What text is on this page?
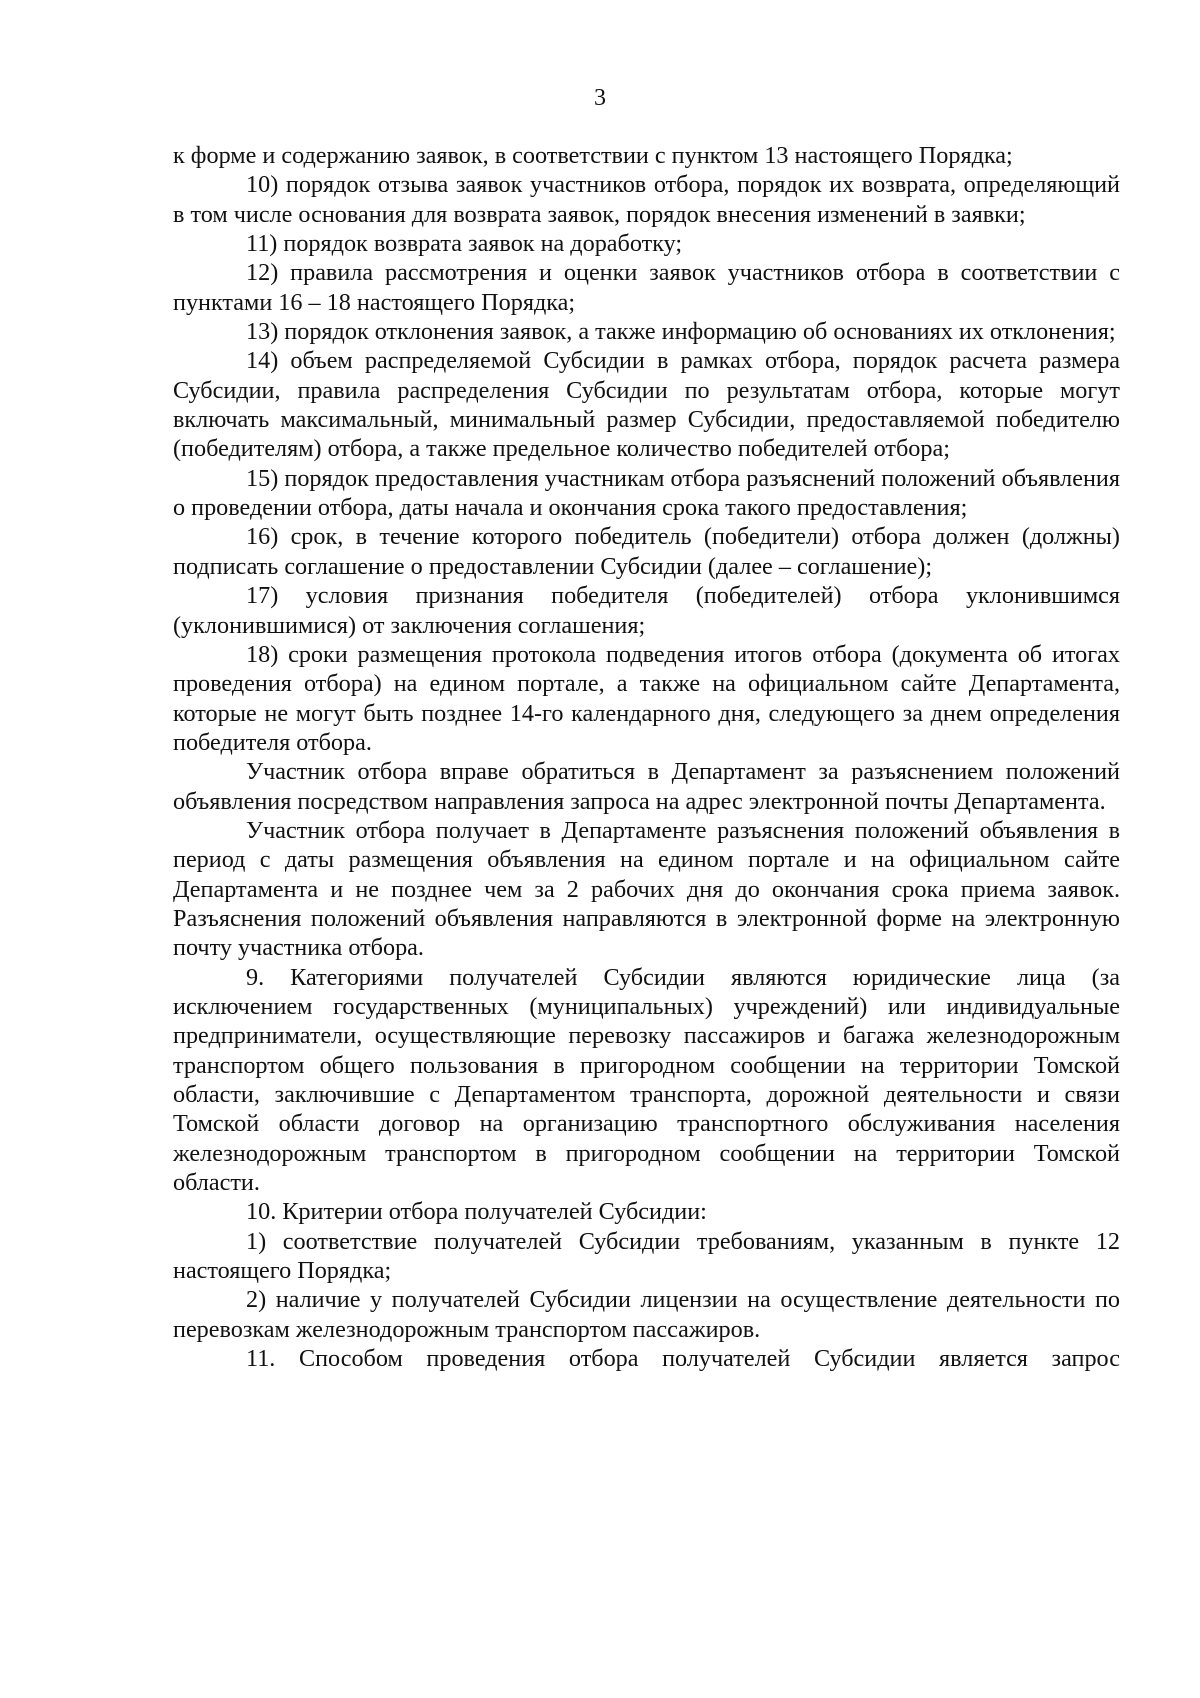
3

к форме и содержанию заявок, в соответствии с пунктом 13 настоящего Порядка;

10) порядок отзыва заявок участников отбора, порядок их возврата, определяющий в том числе основания для возврата заявок, порядок внесения изменений в заявки;

11) порядок возврата заявок на доработку;

12) правила рассмотрения и оценки заявок участников отбора в соответствии с пунктами 16 – 18 настоящего Порядка;

13) порядок отклонения заявок, а также информацию об основаниях их отклонения;

14) объем распределяемой Субсидии в рамках отбора, порядок расчета размера Субсидии, правила распределения Субсидии по результатам отбора, которые могут включать максимальный, минимальный размер Субсидии, предоставляемой победителю (победителям) отбора, а также предельное количество победителей отбора;

15) порядок предоставления участникам отбора разъяснений положений объявления о проведении отбора, даты начала и окончания срока такого предоставления;

16) срок, в течение которого победитель (победители) отбора должен (должны) подписать соглашение о предоставлении Субсидии (далее – соглашение);

17) условия признания победителя (победителей) отбора уклонившимся (уклонившимися) от заключения соглашения;

18) сроки размещения протокола подведения итогов отбора (документа об итогах проведения отбора) на едином портале, а также на официальном сайте Департамента, которые не могут быть позднее 14-го календарного дня, следующего за днем определения победителя отбора.

Участник отбора вправе обратиться в Департамент за разъяснением положений объявления посредством направления запроса на адрес электронной почты Департамента.

Участник отбора получает в Департаменте разъяснения положений объявления в период с даты размещения объявления на едином портале и на официальном сайте Департамента и не позднее чем за 2 рабочих дня до окончания срока приема заявок. Разъяснения положений объявления направляются в электронной форме на электронную почту участника отбора.

9. Категориями получателей Субсидии являются юридические лица (за исключением государственных (муниципальных) учреждений) или индивидуальные предприниматели, осуществляющие перевозку пассажиров и багажа железнодорожным транспортом общего пользования в пригородном сообщении на территории Томской области, заключившие с Департаментом транспорта, дорожной деятельности и связи Томской области договор на организацию транспортного обслуживания населения железнодорожным транспортом в пригородном сообщении на территории Томской области.

10. Критерии отбора получателей Субсидии:

1) соответствие получателей Субсидии требованиям, указанным в пункте 12 настоящего Порядка;

2) наличие у получателей Субсидии лицензии на осуществление деятельности по перевозкам железнодорожным транспортом пассажиров.

11. Способом проведения отбора получателей Субсидии является запрос
